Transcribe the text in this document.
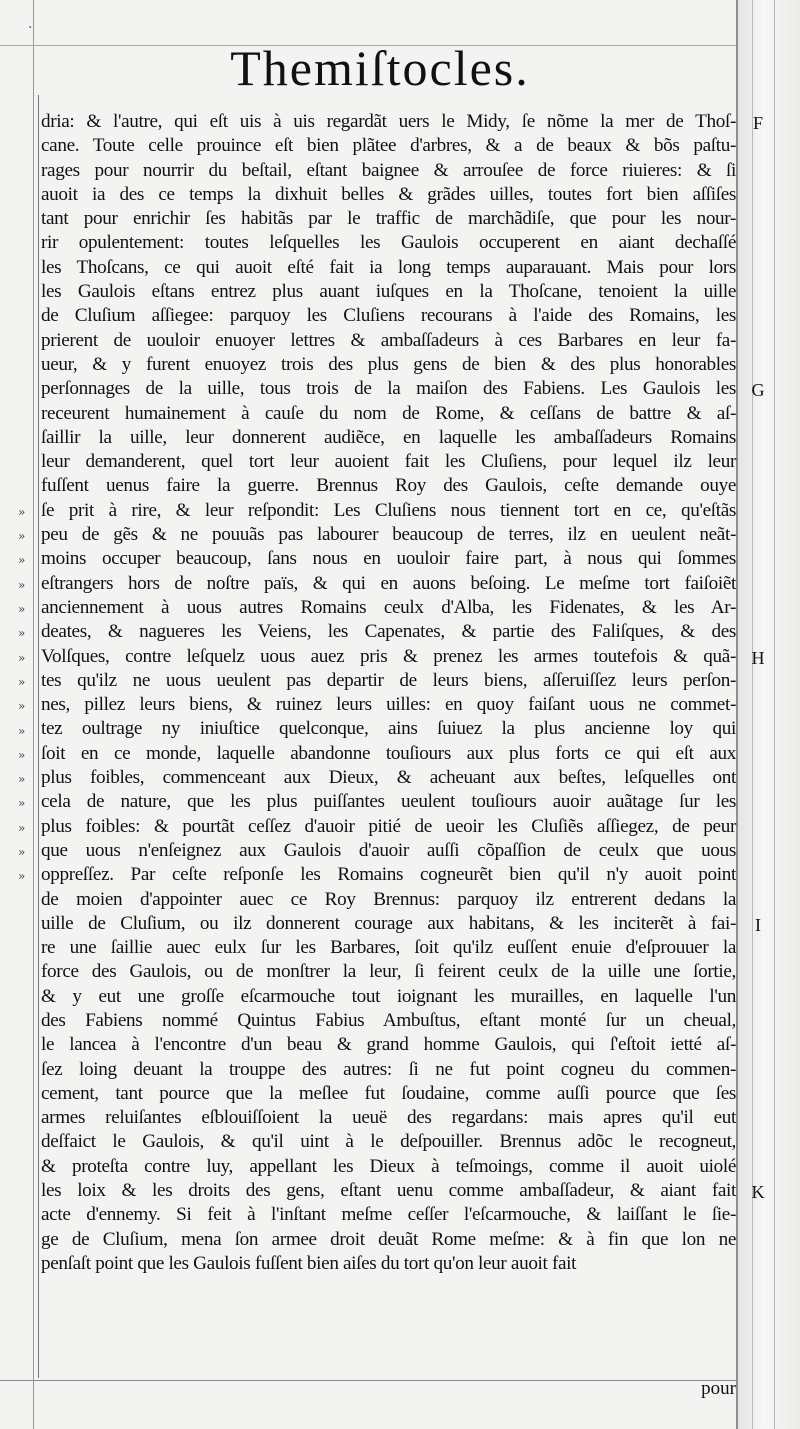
·
Themiſtocles.
dria: & l'autre, qui eſt uis à uis regardãt uers le Midy, ſe nõme la mer de Thoſ-
cane. Toute celle prouince eſt bien plãtee d'arbres, & a de beaux & bõs paſtu-
rages pour nourrir du beſtail, eſtant baignee & arrouſee de force riuieres: & ſi
auoit ia des ce temps la dixhuit belles & grãdes uilles, toutes fort bien aſſiſes
tant pour enrichir ſes habitãs par le traffic de marchãdiſe, que pour les nour-
rir opulentement: toutes leſquelles les Gaulois occuperent en aiant dechaſſé
les Thoſcans, ce qui auoit eſté fait ia long temps auparauant. Mais pour lors
les Gaulois eſtans entrez plus auant iuſques en la Thoſcane, tenoient la uille
de Cluſium aſſiegee: parquoy les Cluſiens recourans à l'aide des Romains, les
prierent de uouloir enuoyer lettres & ambaſſadeurs à ces Barbares en leur fa-
ueur, & y furent enuoyez trois des plus gens de bien & des plus honorables
perſonnages de la uille, tous trois de la maiſon des Fabiens. Les Gaulois les
receurent humainement à cauſe du nom de Rome, & ceſſans de battre & aſ-
ſaillir la uille, leur donnerent audiẽce, en laquelle les ambaſſadeurs Romains
leur demanderent, quel tort leur auoient fait les Cluſiens, pour lequel ilz leur
fuſſent uenus faire la guerre. Brennus Roy des Gaulois, ceſte demande ouye
ſe prit à rire, & leur reſpondit: Les Cluſiens nous tiennent tort en ce, qu'eſtãs
peu de gẽs & ne pouuãs pas labourer beaucoup de terres, ilz en ueulent neãt-
moins occuper beaucoup, ſans nous en uouloir faire part, à nous qui ſommes
eſtrangers hors de noſtre païs, & qui en auons beſoing. Le meſme tort faiſoiẽt
anciennement à uous autres Romains ceulx d'Alba, les Fidenates, & les Ar-
deates, & nagueres les Veiens, les Capenates, & partie des Faliſques, & des
Volſques, contre leſquelz uous auez pris & prenez les armes toutefois & quã-
tes qu'ilz ne uous ueulent pas departir de leurs biens, aſſeruiſſez leurs perſon-
nes, pillez leurs biens, & ruinez leurs uilles: en quoy faiſant uous ne commet-
tez oultrage ny iniuſtice quelconque, ains ſuiuez la plus ancienne loy qui
ſoit en ce monde, laquelle abandonne touſiours aux plus forts ce qui eſt aux
plus foibles, commenceant aux Dieux, & acheuant aux beſtes, leſquelles ont
cela de nature, que les plus puiſſantes ueulent touſiours auoir auãtage ſur les
plus foibles: & pourtãt ceſſez d'auoir pitié de ueoir les Cluſiẽs aſſiegez, de peur
que uous n'enſeignez aux Gaulois d'auoir auſſi cõpaſſion de ceulx que uous
oppreſſez. Par ceſte reſponſe les Romains cogneurẽt bien qu'il n'y auoit point
de moien d'appointer auec ce Roy Brennus: parquoy ilz entrerent dedans la
uille de Cluſium, ou ilz donnerent courage aux habitans, & les inciterẽt à fai-
re une ſaillie auec eulx ſur les Barbares, ſoit qu'ilz euſſent enuie d'eſprouuer la
force des Gaulois, ou de monſtrer la leur, ſi feirent ceulx de la uille une ſortie,
& y eut une groſſe eſcarmouche tout ioignant les murailles, en laquelle l'un
des Fabiens nommé Quintus Fabius Ambuſtus, eſtant monté ſur un cheual,
le lancea à l'encontre d'un beau & grand homme Gaulois, qui ſ'eſtoit ietté aſ-
ſez loing deuant la trouppe des autres: ſi ne fut point cogneu du commen-
cement, tant pource que la meſlee fut ſoudaine, comme auſſi pource que ſes
armes reluiſantes eſblouiſſoient la ueuë des regardans: mais apres qu'il eut
deſfaict le Gaulois, & qu'il uint à le deſpouiller. Brennus adõc le recogneut,
& proteſta contre luy, appellant les Dieux à teſmoings, comme il auoit uiolé
les loix & les droits des gens, eſtant uenu comme ambaſſadeur, & aiant fait
acte d'ennemy. Si feit à l'inſtant meſme ceſſer l'eſcarmouche, & laiſſant le ſie-
ge de Cluſium, mena ſon armee droit deuãt Rome meſme: & à fin que lon ne
penſaſt point que les Gaulois fuſſent bien aiſes du tort qu'on leur auoit fait
F
G
H
I
K
»
»
»
»
»
»
»
»
»
»
»
»
»
»
»
»
pour
